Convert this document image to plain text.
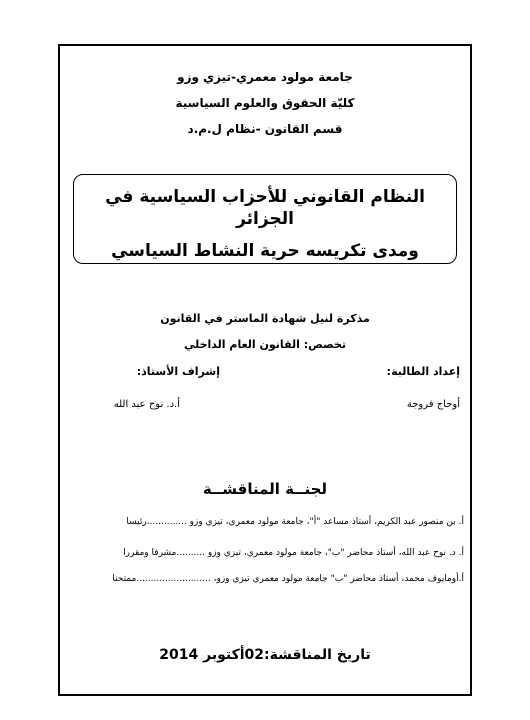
جامعة مولود معمري-تيزي وزو
كليّة الحقوق والعلوم السياسية
قسم القانون -نظام ل.م.د
النظام القانوني للأحزاب السياسية في الجزائر
ومدى تكريسه حرية النشاط السياسي
مذكرة لنيل شهادة الماستر في القانون
تخصص: القانون العام الداخلي
إعداد الطالبة:
إشراف الأستاذ:
أوحاج فروجة
أ.د. نوح عبد الله
لجنــة المناقشــة
أ. بن منصور عبد الكريم، أستاذ مساعد "أ"، جامعة مولود معمري، تيزي وزو ..............رئيسا
أ. د. نوح عبد الله، أستاذ محاضر "ب"، جامعة مولود معمري، تيزي وزو ..........مشرفا ومقررا
أ.أومايوف محمد، أستاذ محاضر "ب" جامعة مولود معمري تيزي وزو، ..........................ممتحنا
تاريخ المناقشة:02أكتوبر 2014
